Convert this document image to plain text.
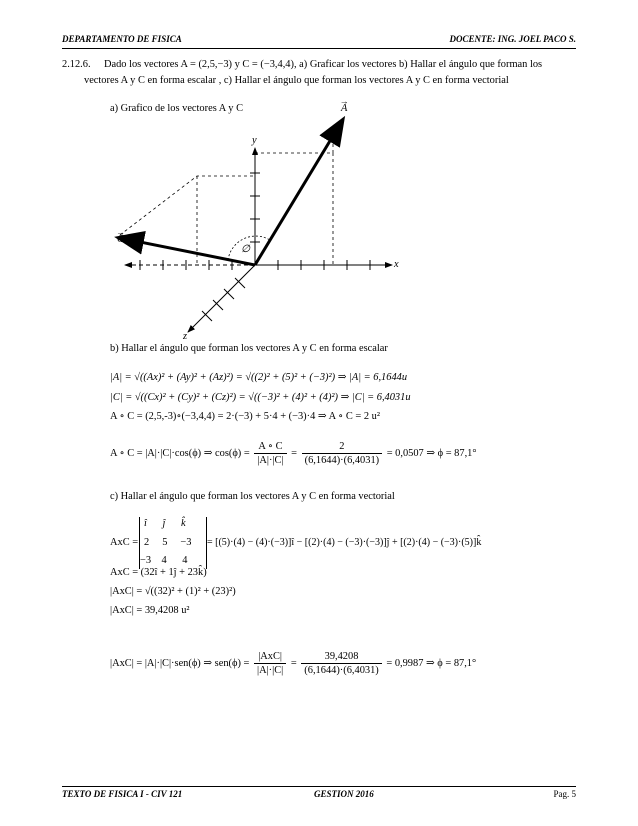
DEPARTAMENTO DE FISICA	DOCENTE: ING. JOEL PACO S.
2.12.6. Dado los vectores A = (2,5,−3) y C = (−3,4,4), a) Graficar los vectores b) Hallar el ángulo que forman los
vectores A y C en forma escalar , c) Hallar el ángulo que forman los vectores A y C en forma vectorial
a) Grafico de los vectores A y C
→	A
→ C
y
x
z
∅
b) Hallar el ángulo que forman los vectores A y C en forma escalar
|A| = √((Ax)² + (Ay)² + (Az)²) = √((2)² + (5)² + (−3)²) ⇒ |A| = 6,1644u
|C| = √((Cx)² + (Cy)² + (Cz)²) = √((−3)² + (4)² + (4)²) ⇒ |C| = 6,4031u
A ∘ C = (2,5,-3)∘(−3,4,4) = 2·(−3) + 5·4 + (−3)·4 ⇒ A ∘ C = 2 u²
A ∘ C = |A|·|C|·cos(ϕ) ⇒ $\cos(\phi) = \frac{A \circ C}{|A|\cdot|C|} = \frac{2}{(6,1644)\cdot(6,4031)} = 0,0507$ ⇒ ϕ = 87,1°
c) Hallar el ángulo que forman los vectores A y C en forma vectorial
AxC =
î ĵ k̂
2 5 −3
−3 4 4
= [(5)·(4) − (4)·(−3)]î − [(2)·(4) − (−3)·(−3)]ĵ + [(2)·(4) − (−3)·(5)]k̂
AxC = (32î + 1ĵ + 23k̂)
|AxC| = √((32)² + (1)² + (23)²)
|AxC| = 39,4208 u²
|AxC| = |A|·|C|·sen(ϕ) ⇒ $sen(\phi) = \frac{\text{|AxC|}}{|A|\cdot|C|} = \frac{39,4208}{(6,1644)\cdot(6,4031)} = 0,9987$ ⇒ ϕ = 87,1°
TEXTO DE FISICA I - CIV 121	GESTION 2016	Pag. 5
